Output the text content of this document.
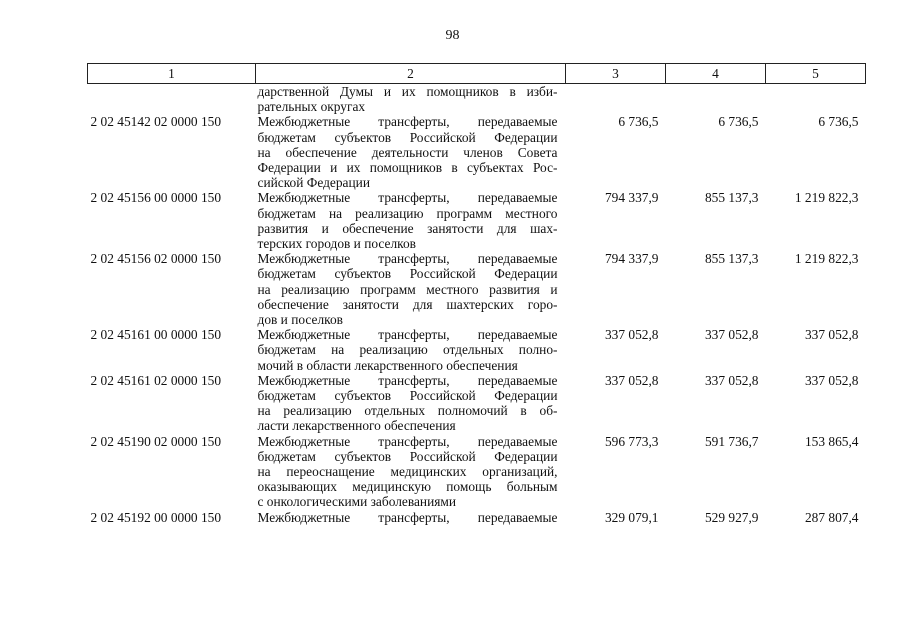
98
1	2	3	4	5

	дарственной Думы и их помощников в изби-
рательных округах			

2 02 45142 02 0000 150	Межбюджетные трансферты, передаваемые
бюджетам субъектов Российской Федерации
на обеспечение деятельности членов Совета
Федерации и их помощников в субъектах Рос-
сийской Федерации	6 736,5	6 736,5	6 736,5
2 02 45156 00 0000 150	Межбюджетные трансферты, передаваемые
бюджетам на реализацию программ местного
развития и обеспечение занятости для шах-
терских городов и поселков	794 337,9	855 137,3	1 219 822,3
2 02 45156 02 0000 150	Межбюджетные трансферты, передаваемые
бюджетам субъектов Российской Федерации
на реализацию программ местного развития и
обеспечение занятости для шахтерских горо-
дов и поселков	794 337,9	855 137,3	1 219 822,3
2 02 45161 00 0000 150	Межбюджетные трансферты, передаваемые
бюджетам на реализацию отдельных полно-
мочий в области лекарственного обеспечения	337 052,8	337 052,8	337 052,8
2 02 45161 02 0000 150	Межбюджетные трансферты, передаваемые
бюджетам субъектов Российской Федерации
на реализацию отдельных полномочий в об-
ласти лекарственного обеспечения	337 052,8	337 052,8	337 052,8
2 02 45190 02 0000 150	Межбюджетные трансферты, передаваемые
бюджетам субъектов Российской Федерации
на переоснащение медицинских организаций,
оказывающих медицинскую помощь больным
с онкологическими заболеваниями	596 773,3	591 736,7	153 865,4
2 02 45192 00 0000 150	Межбюджетные трансферты, передаваемые	329 079,1	529 927,9	287 807,4
